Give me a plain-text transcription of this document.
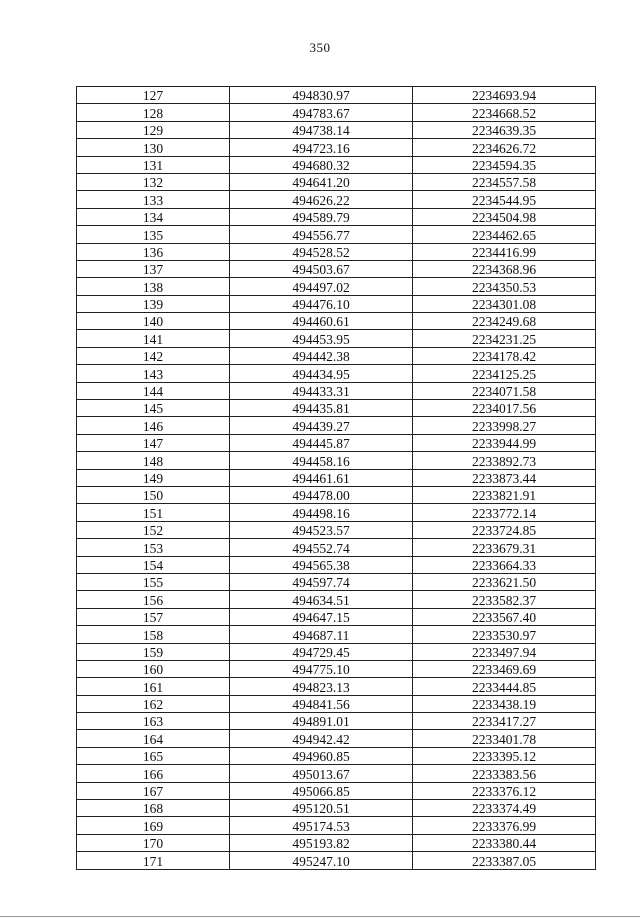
350
127	494830.97	2234693.94
128	494783.67	2234668.52
129	494738.14	2234639.35
130	494723.16	2234626.72
131	494680.32	2234594.35
132	494641.20	2234557.58
133	494626.22	2234544.95
134	494589.79	2234504.98
135	494556.77	2234462.65
136	494528.52	2234416.99
137	494503.67	2234368.96
138	494497.02	2234350.53
139	494476.10	2234301.08
140	494460.61	2234249.68
141	494453.95	2234231.25
142	494442.38	2234178.42
143	494434.95	2234125.25
144	494433.31	2234071.58
145	494435.81	2234017.56
146	494439.27	2233998.27
147	494445.87	2233944.99
148	494458.16	2233892.73
149	494461.61	2233873.44
150	494478.00	2233821.91
151	494498.16	2233772.14
152	494523.57	2233724.85
153	494552.74	2233679.31
154	494565.38	2233664.33
155	494597.74	2233621.50
156	494634.51	2233582.37
157	494647.15	2233567.40
158	494687.11	2233530.97
159	494729.45	2233497.94
160	494775.10	2233469.69
161	494823.13	2233444.85
162	494841.56	2233438.19
163	494891.01	2233417.27
164	494942.42	2233401.78
165	494960.85	2233395.12
166	495013.67	2233383.56
167	495066.85	2233376.12
168	495120.51	2233374.49
169	495174.53	2233376.99
170	495193.82	2233380.44
171	495247.10	2233387.05
